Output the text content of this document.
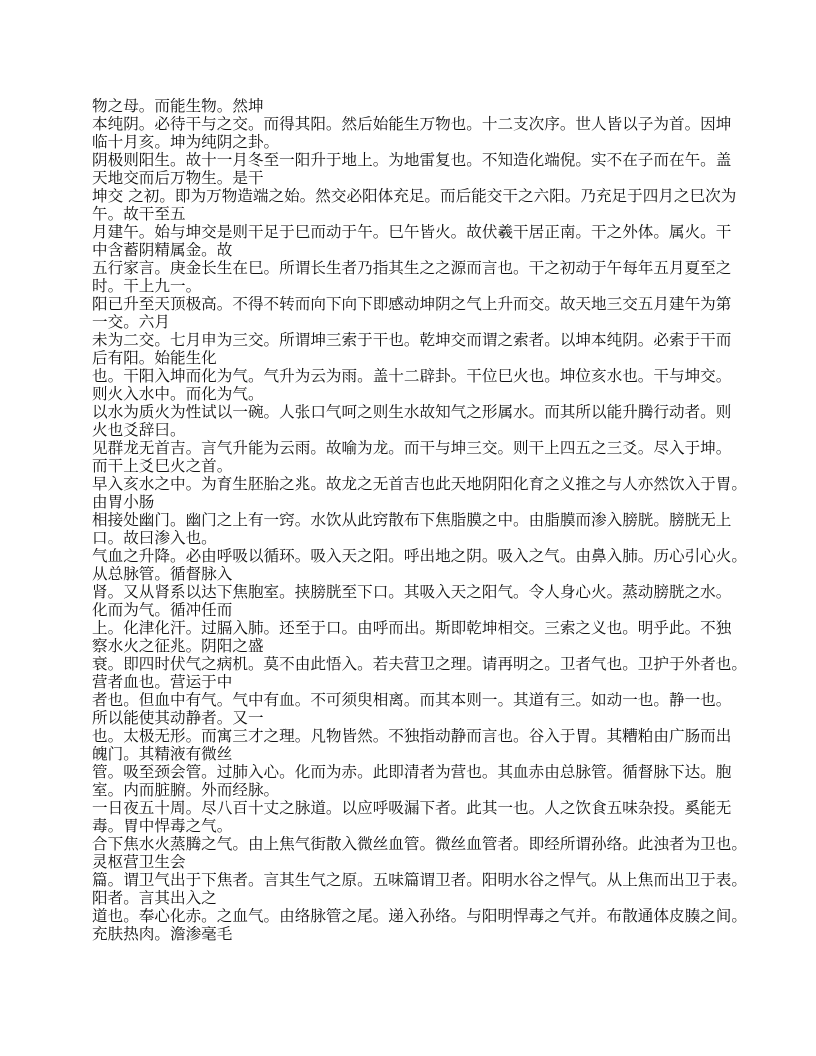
物之母。而能生物。然坤
本纯阴。必待干与之交。而得其阳。然后始能生万物也。十二支次序。世人皆以子为首。因坤
临十月亥。坤为纯阴之卦。
阴极则阳生。故十一月冬至一阳升于地上。为地雷复也。不知造化端倪。实不在子而在午。盖
天地交而后万物生。是干
坤交 之初。即为万物造端之始。然交必阳体充足。而后能交干之六阳。乃充足于四月之巳次为
午。故干至五
月建午。始与坤交是则干足于巳而动于午。巳午皆火。故伏羲干居正南。干之外体。属火。干
中含蓄阴精属金。故
五行家言。庚金长生在巳。所谓长生者乃指其生之之源而言也。干之初动于午每年五月夏至之
时。干上九一。
阳已升至天顶极高。不得不转而向下向下即感动坤阴之气上升而交。故天地三交五月建午为第
一交。六月
未为二交。七月申为三交。所谓坤三索于干也。乾坤交而谓之索者。以坤本纯阴。必索于干而
后有阳。始能生化
也。干阳入坤而化为气。气升为云为雨。盖十二辟卦。干位巳火也。坤位亥水也。干与坤交。
则火入水中。而化为气。
以水为质火为性试以一碗。人张口气呵之则生水故知气之形属水。而其所以能升腾行动者。则
火也爻辞曰。
见群龙无首吉。言气升能为云雨。故喻为龙。而干与坤三交。则干上四五之三爻。尽入于坤。
而干上爻巳火之首。
早入亥水之中。为育生胚胎之兆。故龙之无首吉也此天地阴阳化育之义推之与人亦然饮入于胃。
由胃小肠
相接处幽门。幽门之上有一窍。水饮从此窍散布下焦脂膜之中。由脂膜而渗入膀胱。膀胱无上
口。故曰渗入也。
气血之升降。必由呼吸以循环。吸入天之阳。呼出地之阴。吸入之气。由鼻入肺。历心引心火。
从总脉管。循督脉入
肾。又从肾系以达下焦胞室。挟膀胱至下口。其吸入天之阳气。令人身心火。蒸动膀胱之水。
化而为气。循冲任而
上。化津化汗。过膈入肺。还至于口。由呼而出。斯即乾坤相交。三索之义也。明乎此。不独
察水火之征兆。阴阳之盛
衰。即四时伏气之病机。莫不由此悟入。若夫营卫之理。请再明之。卫者气也。卫护于外者也。
营者血也。营运于中
者也。但血中有气。气中有血。不可须臾相离。而其本则一。其道有三。如动一也。静一也。
所以能使其动静者。又一
也。太极无形。而寓三才之理。凡物皆然。不独指动静而言也。谷入于胃。其糟粕由广肠而出
魄门。其精液有微丝
管。吸至颈会管。过肺入心。化而为赤。此即清者为营也。其血赤由总脉管。循督脉下达。胞
室。内而脏腑。外而经脉。
一日夜五十周。尽八百十丈之脉道。以应呼吸漏下者。此其一也。人之饮食五味杂投。奚能无
毒。胃中悍毒之气。
合下焦水火蒸腾之气。由上焦气街散入微丝血管。微丝血管者。即经所谓孙络。此浊者为卫也。
灵枢营卫生会
篇。谓卫气出于下焦者。言其生气之原。五味篇谓卫者。阳明水谷之悍气。从上焦而出卫于表。
阳者。言其出入之
道也。奉心化赤。之血气。由络脉管之尾。递入孙络。与阳明悍毒之气并。布散通体皮腠之间。
充肤热肉。澹渗毫毛
